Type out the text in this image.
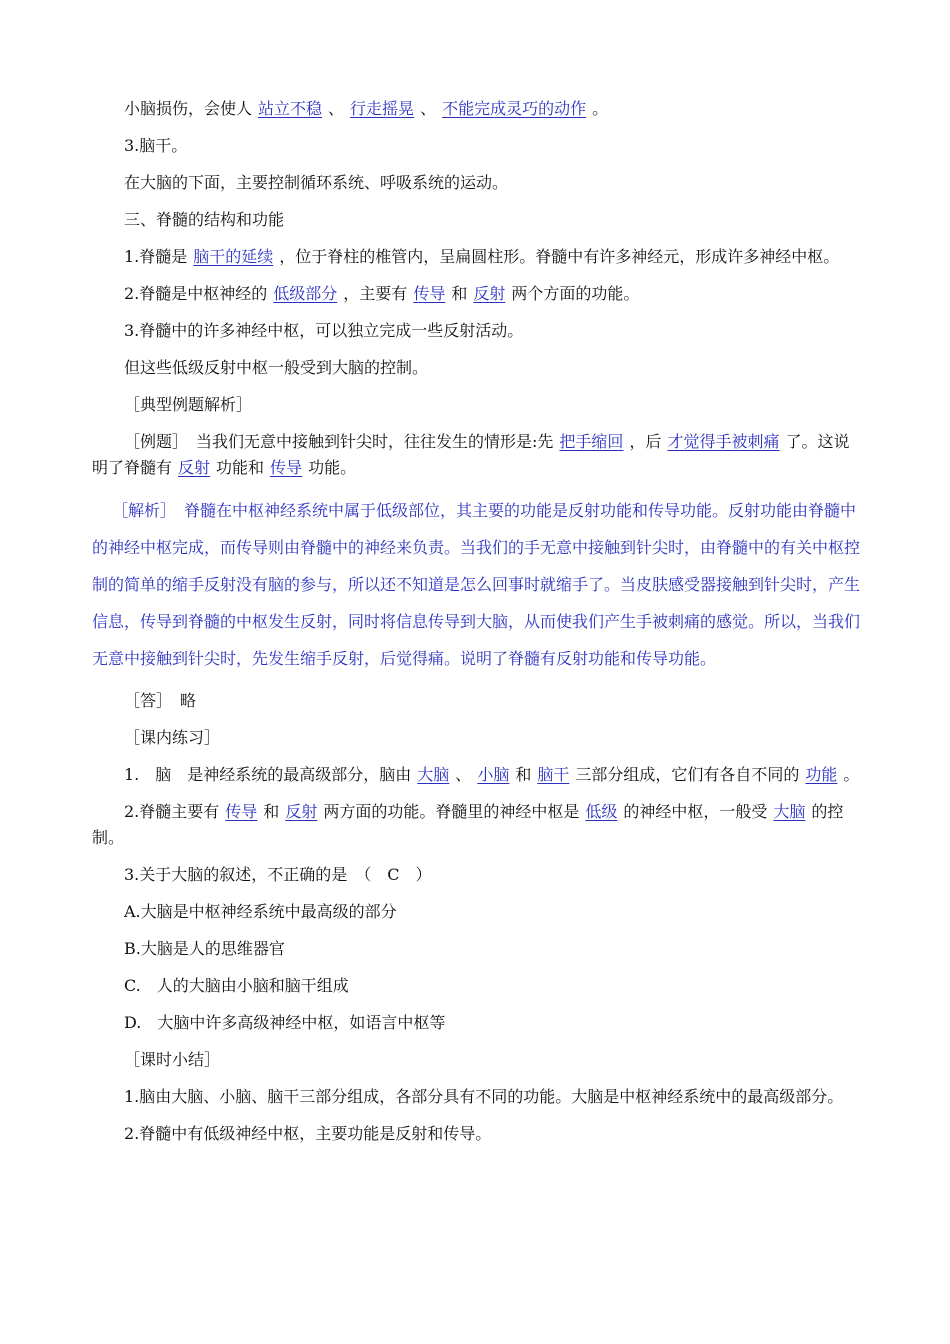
小脑损伤，会使人 站立不稳 、 行走摇晃 、 不能完成灵巧的动作 。

3.脑干。

在大脑的下面，主要控制循环系统、呼吸系统的运动。

三、脊髓的结构和功能

1.脊髓是 脑干的延续 ，位于脊柱的椎管内，呈扁圆柱形。脊髓中有许多神经元，形成许多神经中枢。

2.脊髓是中枢神经的 低级部分 ，主要有 传导 和 反射 两个方面的功能。

3.脊髓中的许多神经中枢，可以独立完成一些反射活动。

但这些低级反射中枢一般受到大脑的控制。

［典型例题解析］

［例题］　当我们无意中接触到针尖时，往往发生的情形是:先 把手缩回 ，后 才觉得手被刺痛 了。这说明了脊髓有 反射 功能和 传导 功能。

［解析］　脊髓在中枢神经系统中属于低级部位，其主要的功能是反射功能和传导功能。反射功能由脊髓中的神经中枢完成，而传导则由脊髓中的神经来负责。当我们的手无意中接触到针尖时，由脊髓中的有关中枢控制的简单的缩手反射没有脑的参与，所以还不知道是怎么回事时就缩手了。当皮肤感受器接触到针尖时，产生信息，传导到脊髓的中枢发生反射，同时将信息传导到大脑，从而使我们产生手被刺痛的感觉。所以，当我们无意中接触到针尖时，先发生缩手反射，后觉得痛。说明了脊髓有反射功能和传导功能。

［答］　略

［课内练习］

1.　脑　是神经系统的最高级部分，脑由 大脑 、 小脑 和 脑干 三部分组成，它们有各自不同的 功能 。

2.脊髓主要有 传导 和 反射 两方面的功能。脊髓里的神经中枢是 低级 的神经中枢，一般受 大脑 的控制。

3.关于大脑的叙述，不正确的是　（　C　）

A.大脑是中枢神经系统中最高级的部分

B.大脑是人的思维器官

C.　人的大脑由小脑和脑干组成

D.　大脑中许多高级神经中枢，如语言中枢等

［课时小结］

1.脑由大脑、小脑、脑干三部分组成，各部分具有不同的功能。大脑是中枢神经系统中的最高级部分。

2.脊髓中有低级神经中枢，主要功能是反射和传导。
